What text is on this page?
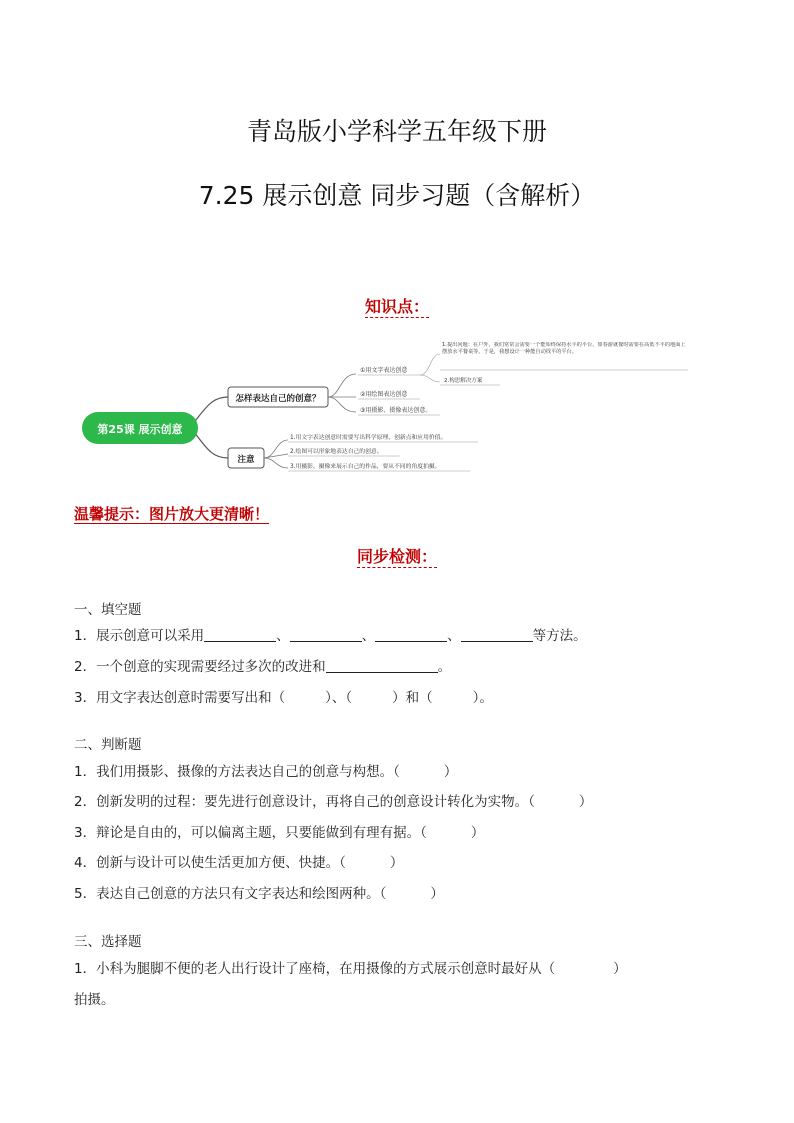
青岛版小学科学五年级下册
7.25 展示创意 同步习题（含解析）
知识点：
第25课 展示创意
怎样表达自己的创意？
①用文字表达创意
②用绘图表达创意
③用摄影、摄像表达创意。
1.提出问题：在户外，我们常常会需要一个能始终保持水平的平台，如春游就餐时需要在高低不平的地面上摆放水平餐桌等。于是，我想设计一种能自动找平的平台。
2.构思解决方案
注意
1.用文字表达创意时需要写出科学原理、创新点和应用价值。
2.绘图可以形象地表达自己的创意。
3.用摄影、摄像来展示自己的作品，要从不同的角度拍摄。
温馨提示：图片放大更清晰！
同步检测：
一、填空题
1．展示创意可以采用	、	、	、	等方法。
2．一个创意的实现需要经过多次的改进和	。
3．用文字表达创意时需要写出和（	）、（	）和（	）。
二、判断题
1．我们用摄影、摄像的方法表达自己的创意与构想。（	）
2．创新发明的过程：要先进行创意设计，再将自己的创意设计转化为实物。（	）
3．辩论是自由的，可以偏离主题，只要能做到有理有据。（	）
4．创新与设计可以使生活更加方便、快捷。（	）
5．表达自己创意的方法只有文字表达和绘图两种。（	）
三、选择题
1．小科为腿脚不便的老人出行设计了座椅，在用摄像的方式展示创意时最好从（	）
拍摄。
